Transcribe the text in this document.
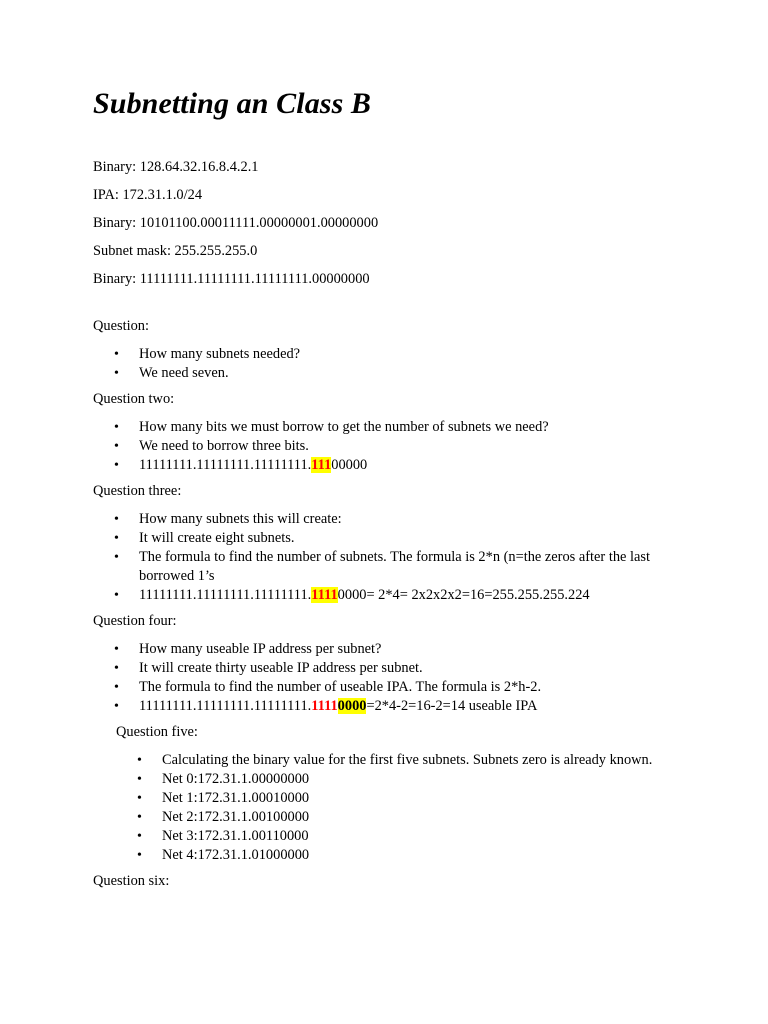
Subnetting an Class B

Binary: 128.64.32.16.8.4.2.1

IPA: 172.31.1.0/24

Binary: 10101100.00011111.00000001.00000000

Subnet mask: 255.255.255.0

Binary: 11111111.11111111.11111111.00000000

Question:

• How many subnets needed?
• We need seven.

Question two:

• How many bits we must borrow to get the number of subnets we need?
• We need to borrow three bits.
• 11111111.11111111.11111111.11100000

Question three:

• How many subnets this will create:
• It will create eight subnets.
• The formula to find the number of subnets. The formula is 2*n (n=the zeros after the last borrowed 1’s
• 11111111.11111111.11111111.11110000= 2*4= 2x2x2x2=16=255.255.255.224

Question four:

• How many useable IP address per subnet?
• It will create thirty useable IP address per subnet.
• The formula to find the number of useable IPA. The formula is 2*h-2.
• 11111111.11111111.11111111.11110000=2*4-2=16-2=14 useable IPA

Question five:

• Calculating the binary value for the first five subnets. Subnets zero is already known.
• Net 0:172.31.1.00000000
• Net 1:172.31.1.00010000
• Net 2:172.31.1.00100000
• Net 3:172.31.1.00110000
• Net 4:172.31.1.01000000

Question six:
